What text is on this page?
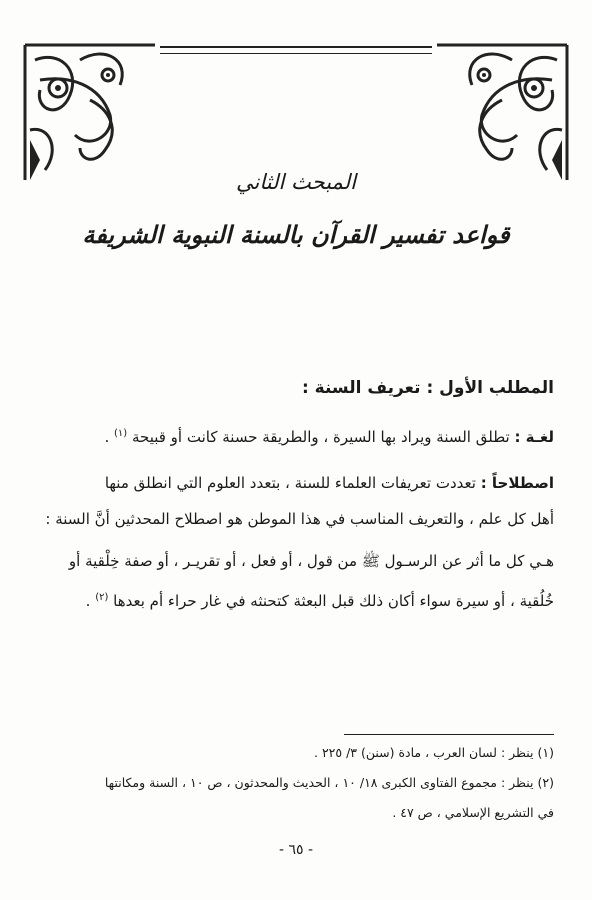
المبحث الثاني
قواعد تفسير القرآن بالسنة النبوية الشريفة
المطلب الأول : تعريف السنة :
لغـة : تطلق السنة ويراد بها السيرة ، والطريقة حسنة كانت أو قبيحة $^{(١)}$ .
اصطلاحاً : تعددت تعريفات العلماء للسنة ، بتعدد العلوم التي انطلق منها
أهل كل علم ، والتعريف المناسب في هذا الموطن هو اصطلاح المحدثين أنَّ السنة :
هـي كل ما أثر عن الرسـول ﷺ من قول ، أو فعل ، أو تقريـر ، أو صفة خِلْقية أو
خُلُقية ، أو سيرة سواء أكان ذلك قبل البعثة كتحنثه في غار حراء أم بعدها $^{(٢)}$ .
(١) ينظر : لسان العرب ، مادة (سنن) ٣/ ٢٢٥ .
(٢) ينظر : مجموع الفتاوى الكبرى ١٨/ ١٠ ، الحديث والمحدثون ، ص ١٠ ، السنة ومكانتها
في التشريع الإسلامي ، ص ٤٧ .
- ٦٥ -
